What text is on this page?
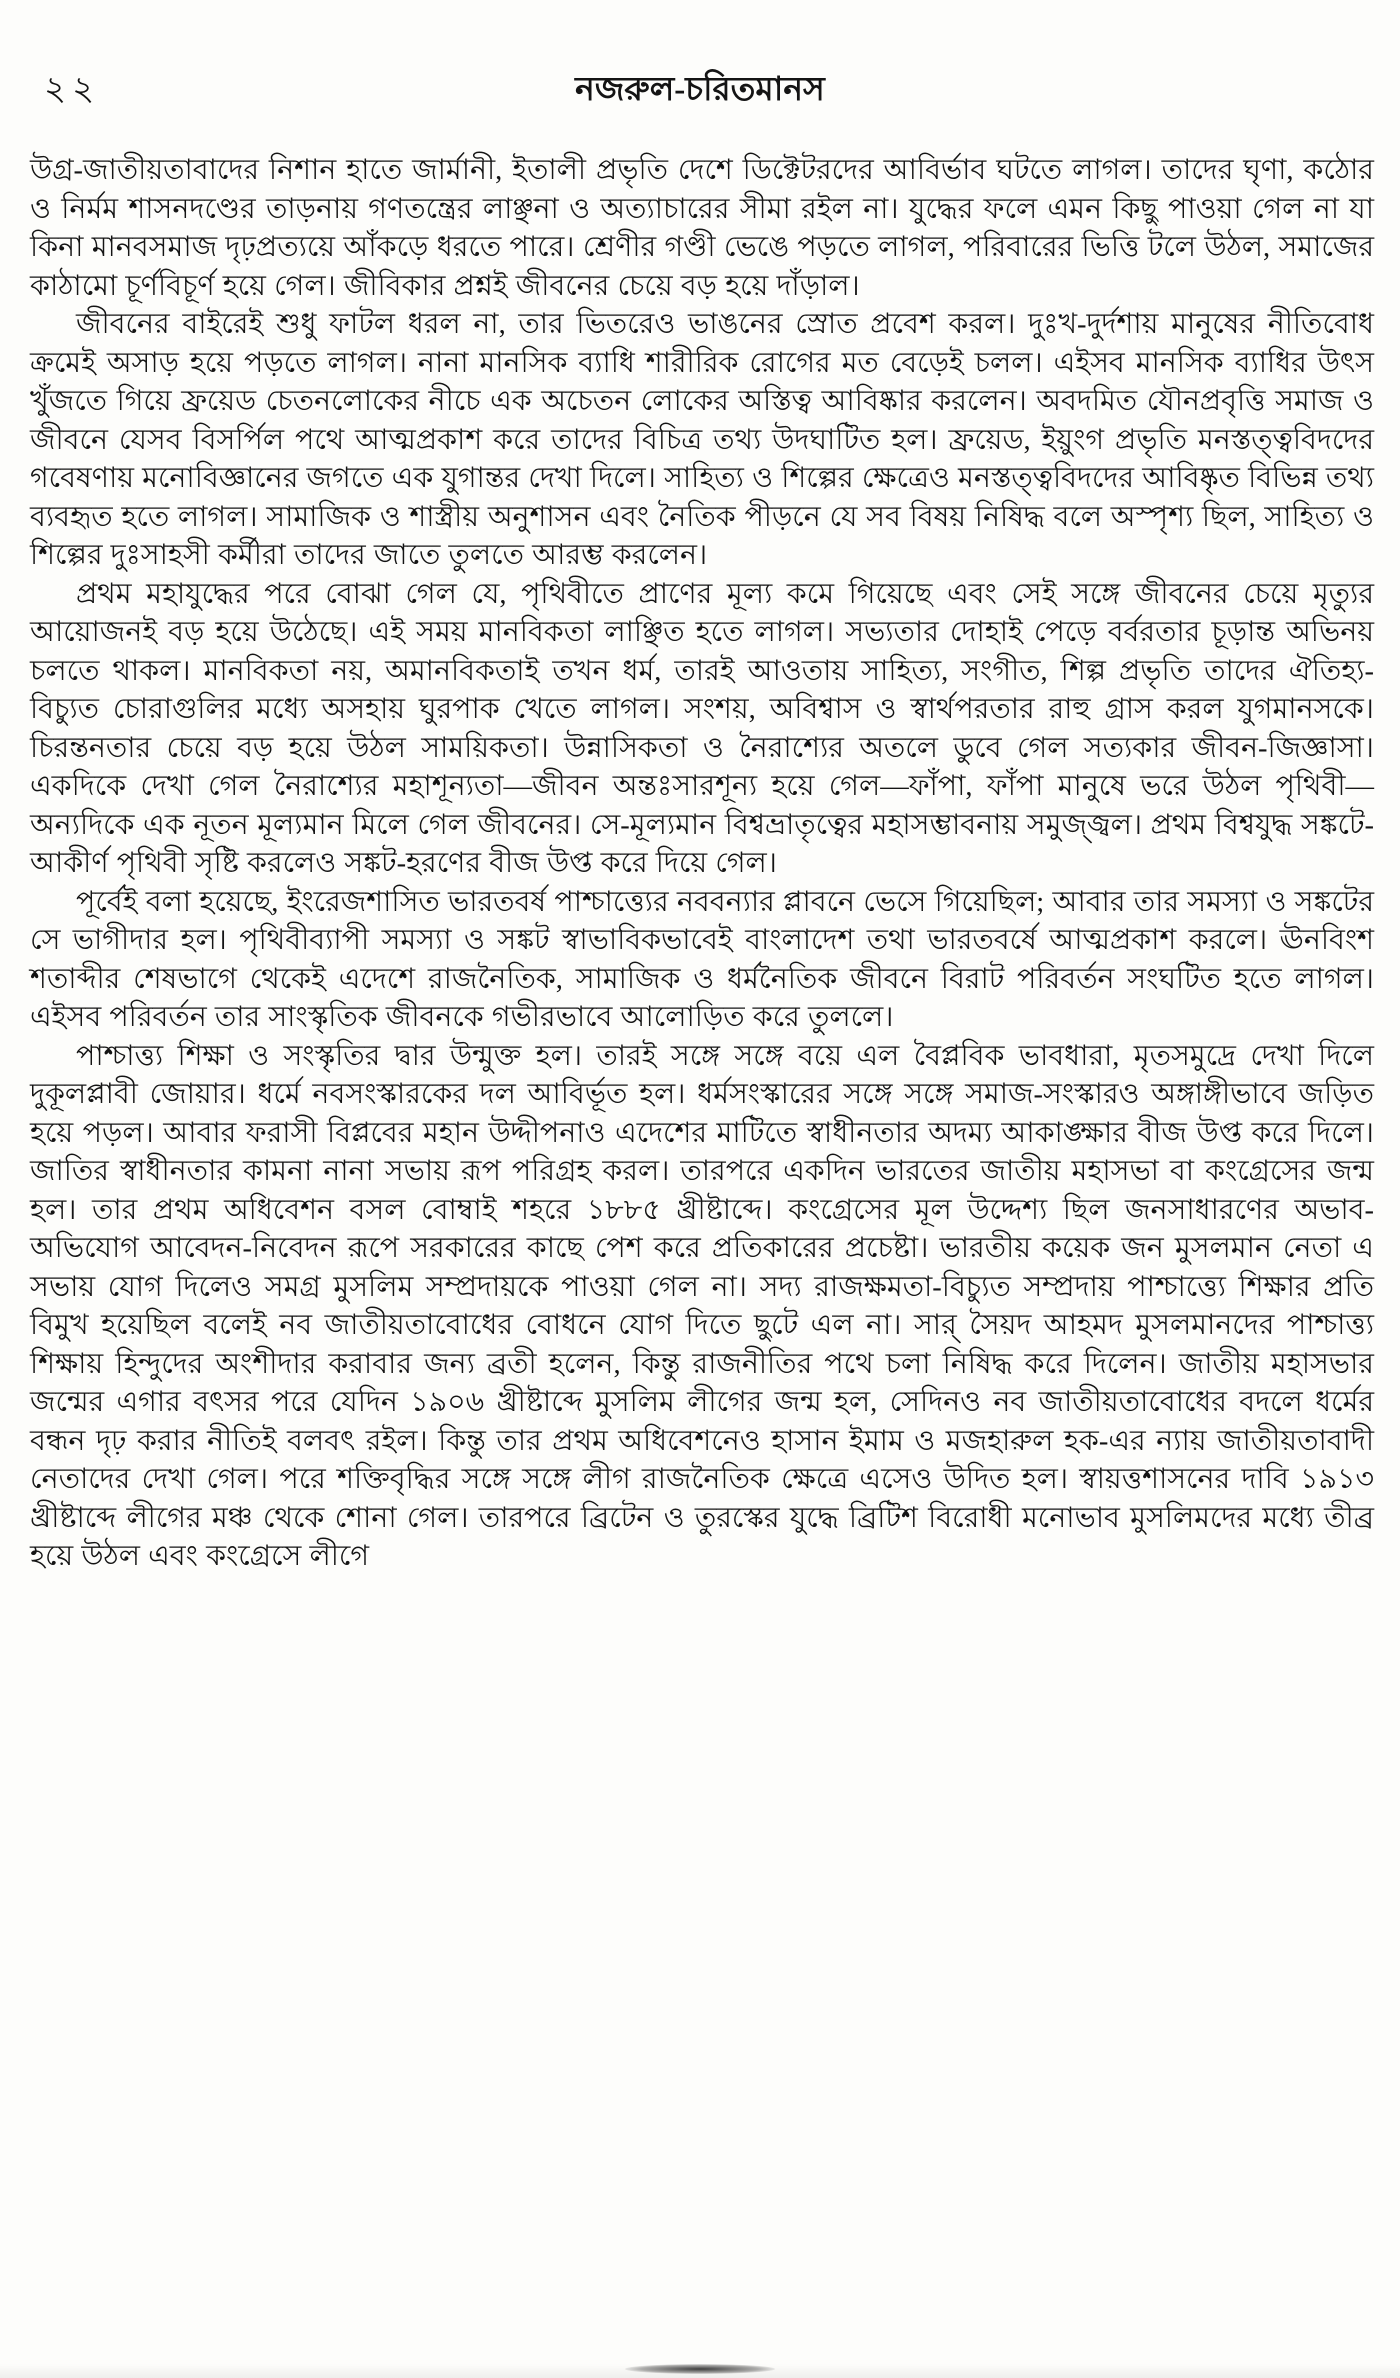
২২	নজরুল-চরিতমানস

উগ্র-জাতীয়তাবাদের নিশান হাতে জার্মানী, ইতালী প্রভৃতি দেশে ডিক্টেটরদের আবির্ভাব ঘটতে লাগল। তাদের ঘৃণা, কঠোর ও নির্মম শাসনদণ্ডের তাড়নায় গণতন্ত্রের লাঞ্ছনা ও অত্যাচারের সীমা রইল না। যুদ্ধের ফলে এমন কিছু পাওয়া গেল না যা কিনা মানবসমাজ দৃঢ়প্রত্যয়ে আঁকড়ে ধরতে পারে। শ্রেণীর গণ্ডী ভেঙে পড়তে লাগল, পরিবারের ভিত্তি টলে উঠল, সমাজের কাঠামো চূর্ণবিচূর্ণ হয়ে গেল। জীবিকার প্রশ্নই জীবনের চেয়ে বড় হয়ে দাঁড়াল।

জীবনের বাইরেই শুধু ফাটল ধরল না, তার ভিতরেও ভাঙনের স্রোত প্রবেশ করল। দুঃখ-দুর্দশায় মানুষের নীতিবোধ ক্রমেই অসাড় হয়ে পড়তে লাগল। নানা মানসিক ব্যাধি শারীরিক রোগের মত বেড়েই চলল। এইসব মানসিক ব্যাধির উৎস খুঁজতে গিয়ে ফ্রয়েড চেতনলোকের নীচে এক অচেতন লোকের অস্তিত্ব আবিষ্কার করলেন। অবদমিত যৌনপ্রবৃত্তি সমাজ ও জীবনে যেসব বিসর্পিল পথে আত্মপ্রকাশ করে তাদের বিচিত্র তথ্য উদঘাটিত হল। ফ্রয়েড, ইয়ুংগ প্রভৃতি মনস্তত্ত্ববিদদের গবেষণায় মনোবিজ্ঞানের জগতে এক যুগান্তর দেখা দিলে। সাহিত্য ও শিল্পের ক্ষেত্রেও মনস্তত্ত্ববিদদের আবিষ্কৃত বিভিন্ন তথ্য ব্যবহৃত হতে লাগল। সামাজিক ও শাস্ত্রীয় অনুশাসন এবং নৈতিক পীড়নে যে সব বিষয় নিষিদ্ধ বলে অস্পৃশ্য ছিল, সাহিত্য ও শিল্পের দুঃসাহসী কর্মীরা তাদের জাতে তুলতে আরম্ভ করলেন।

প্রথম মহাযুদ্ধের পরে বোঝা গেল যে, পৃথিবীতে প্রাণের মূল্য কমে গিয়েছে এবং সেই সঙ্গে জীবনের চেয়ে মৃত্যুর আয়োজনই বড় হয়ে উঠেছে। এই সময় মানবিকতা লাঞ্ছিত হতে লাগল। সভ্যতার দোহাই পেড়ে বর্বরতার চূড়ান্ত অভিনয় চলতে থাকল। মানবিকতা নয়, অমানবিকতাই তখন ধর্ম, তারই আওতায় সাহিত্য, সংগীত, শিল্প প্রভৃতি তাদের ঐতিহ্য-বিচ্যুত চোরাগুলির মধ্যে অসহায় ঘুরপাক খেতে লাগল। সংশয়, অবিশ্বাস ও স্বার্থপরতার রাহু গ্রাস করল যুগমানসকে। চিরন্তনতার চেয়ে বড় হয়ে উঠল সাময়িকতা। উন্নাসিকতা ও নৈরাশ্যের অতলে ডুবে গেল সত্যকার জীবন-জিজ্ঞাসা। একদিকে দেখা গেল নৈরাশ্যের মহাশূন্যতা—জীবন অন্তঃসারশূন্য হয়ে গেল—ফাঁপা, ফাঁপা মানুষে ভরে উঠল পৃথিবী—অন্যদিকে এক নূতন মূল্যমান মিলে গেল জীবনের। সে-মূল্যমান বিশ্বভ্রাতৃত্বের মহাসম্ভাবনায় সমুজ্জ্বল। প্রথম বিশ্বযুদ্ধ সঙ্কটে-আকীর্ণ পৃথিবী সৃষ্টি করলেও সঙ্কট-হরণের বীজ উপ্ত করে দিয়ে গেল।

পূর্বেই বলা হয়েছে, ইংরেজশাসিত ভারতবর্ষ পাশ্চাত্ত্যের নববন্যার প্লাবনে ভেসে গিয়েছিল; আবার তার সমস্যা ও সঙ্কটের সে ভাগীদার হল। পৃথিবীব্যাপী সমস্যা ও সঙ্কট স্বাভাবিকভাবেই বাংলাদেশ তথা ভারতবর্ষে আত্মপ্রকাশ করলে। ঊনবিংশ শতাব্দীর শেষভাগে থেকেই এদেশে রাজনৈতিক, সামাজিক ও ধর্মনৈতিক জীবনে বিরাট পরিবর্তন সংঘটিত হতে লাগল। এইসব পরিবর্তন তার সাংস্কৃতিক জীবনকে গভীরভাবে আলোড়িত করে তুললে।

পাশ্চাত্ত্য শিক্ষা ও সংস্কৃতির দ্বার উন্মুক্ত হল। তারই সঙ্গে সঙ্গে বয়ে এল বৈপ্লবিক ভাবধারা, মৃতসমুদ্রে দেখা দিলে দুকূলপ্লাবী জোয়ার। ধর্মে নবসংস্কারকের দল আবির্ভূত হল। ধর্মসংস্কারের সঙ্গে সঙ্গে সমাজ-সংস্কারও অঙ্গাঙ্গীভাবে জড়িত হয়ে পড়ল। আবার ফরাসী বিপ্লবের মহান উদ্দীপনাও এদেশের মাটিতে স্বাধীনতার অদম্য আকাঙ্ক্ষার বীজ উপ্ত করে দিলে। জাতির স্বাধীনতার কামনা নানা সভায় রূপ পরিগ্রহ করল। তারপরে একদিন ভারতের জাতীয় মহাসভা বা কংগ্রেসের জন্ম হল। তার প্রথম অধিবেশন বসল বোম্বাই শহরে ১৮৮৫ খ্রীষ্টাব্দে। কংগ্রেসের মূল উদ্দেশ্য ছিল জনসাধারণের অভাব-অভিযোগ আবেদন-নিবেদন রূপে সরকারের কাছে পেশ করে প্রতিকারের প্রচেষ্টা। ভারতীয় কয়েক জন মুসলমান নেতা এ সভায় যোগ দিলেও সমগ্র মুসলিম সম্প্রদায়কে পাওয়া গেল না। সদ্য রাজক্ষমতা-বিচ্যুত সম্প্রদায় পাশ্চাত্ত্যে শিক্ষার প্রতি বিমুখ হয়েছিল বলেই নব জাতীয়তাবোধের বোধনে যোগ দিতে ছুটে এল না। সার্ সৈয়দ আহমদ মুসলমানদের পাশ্চাত্ত্য শিক্ষায় হিন্দুদের অংশীদার করাবার জন্য ব্রতী হলেন, কিন্তু রাজনীতির পথে চলা নিষিদ্ধ করে দিলেন। জাতীয় মহাসভার জন্মের এগার বৎসর পরে যেদিন ১৯০৬ খ্রীষ্টাব্দে মুসলিম লীগের জন্ম হল, সেদিনও নব জাতীয়তাবোধের বদলে ধর্মের বন্ধন দৃঢ় করার নীতিই বলবৎ রইল। কিন্তু তার প্রথম অধিবেশনেও হাসান ইমাম ও মজহারুল হক-এর ন্যায় জাতীয়তাবাদী নেতাদের দেখা গেল। পরে শক্তিবৃদ্ধির সঙ্গে সঙ্গে লীগ রাজনৈতিক ক্ষেত্রে এসেও উদিত হল। স্বায়ত্তশাসনের দাবি ১৯১৩ খ্রীষ্টাব্দে লীগের মঞ্চ থেকে শোনা গেল। তারপরে ব্রিটেন ও তুরস্কের যুদ্ধে ব্রিটিশ বিরোধী মনোভাব মুসলিমদের মধ্যে তীব্র হয়ে উঠল এবং কংগ্রেসে লীগে
